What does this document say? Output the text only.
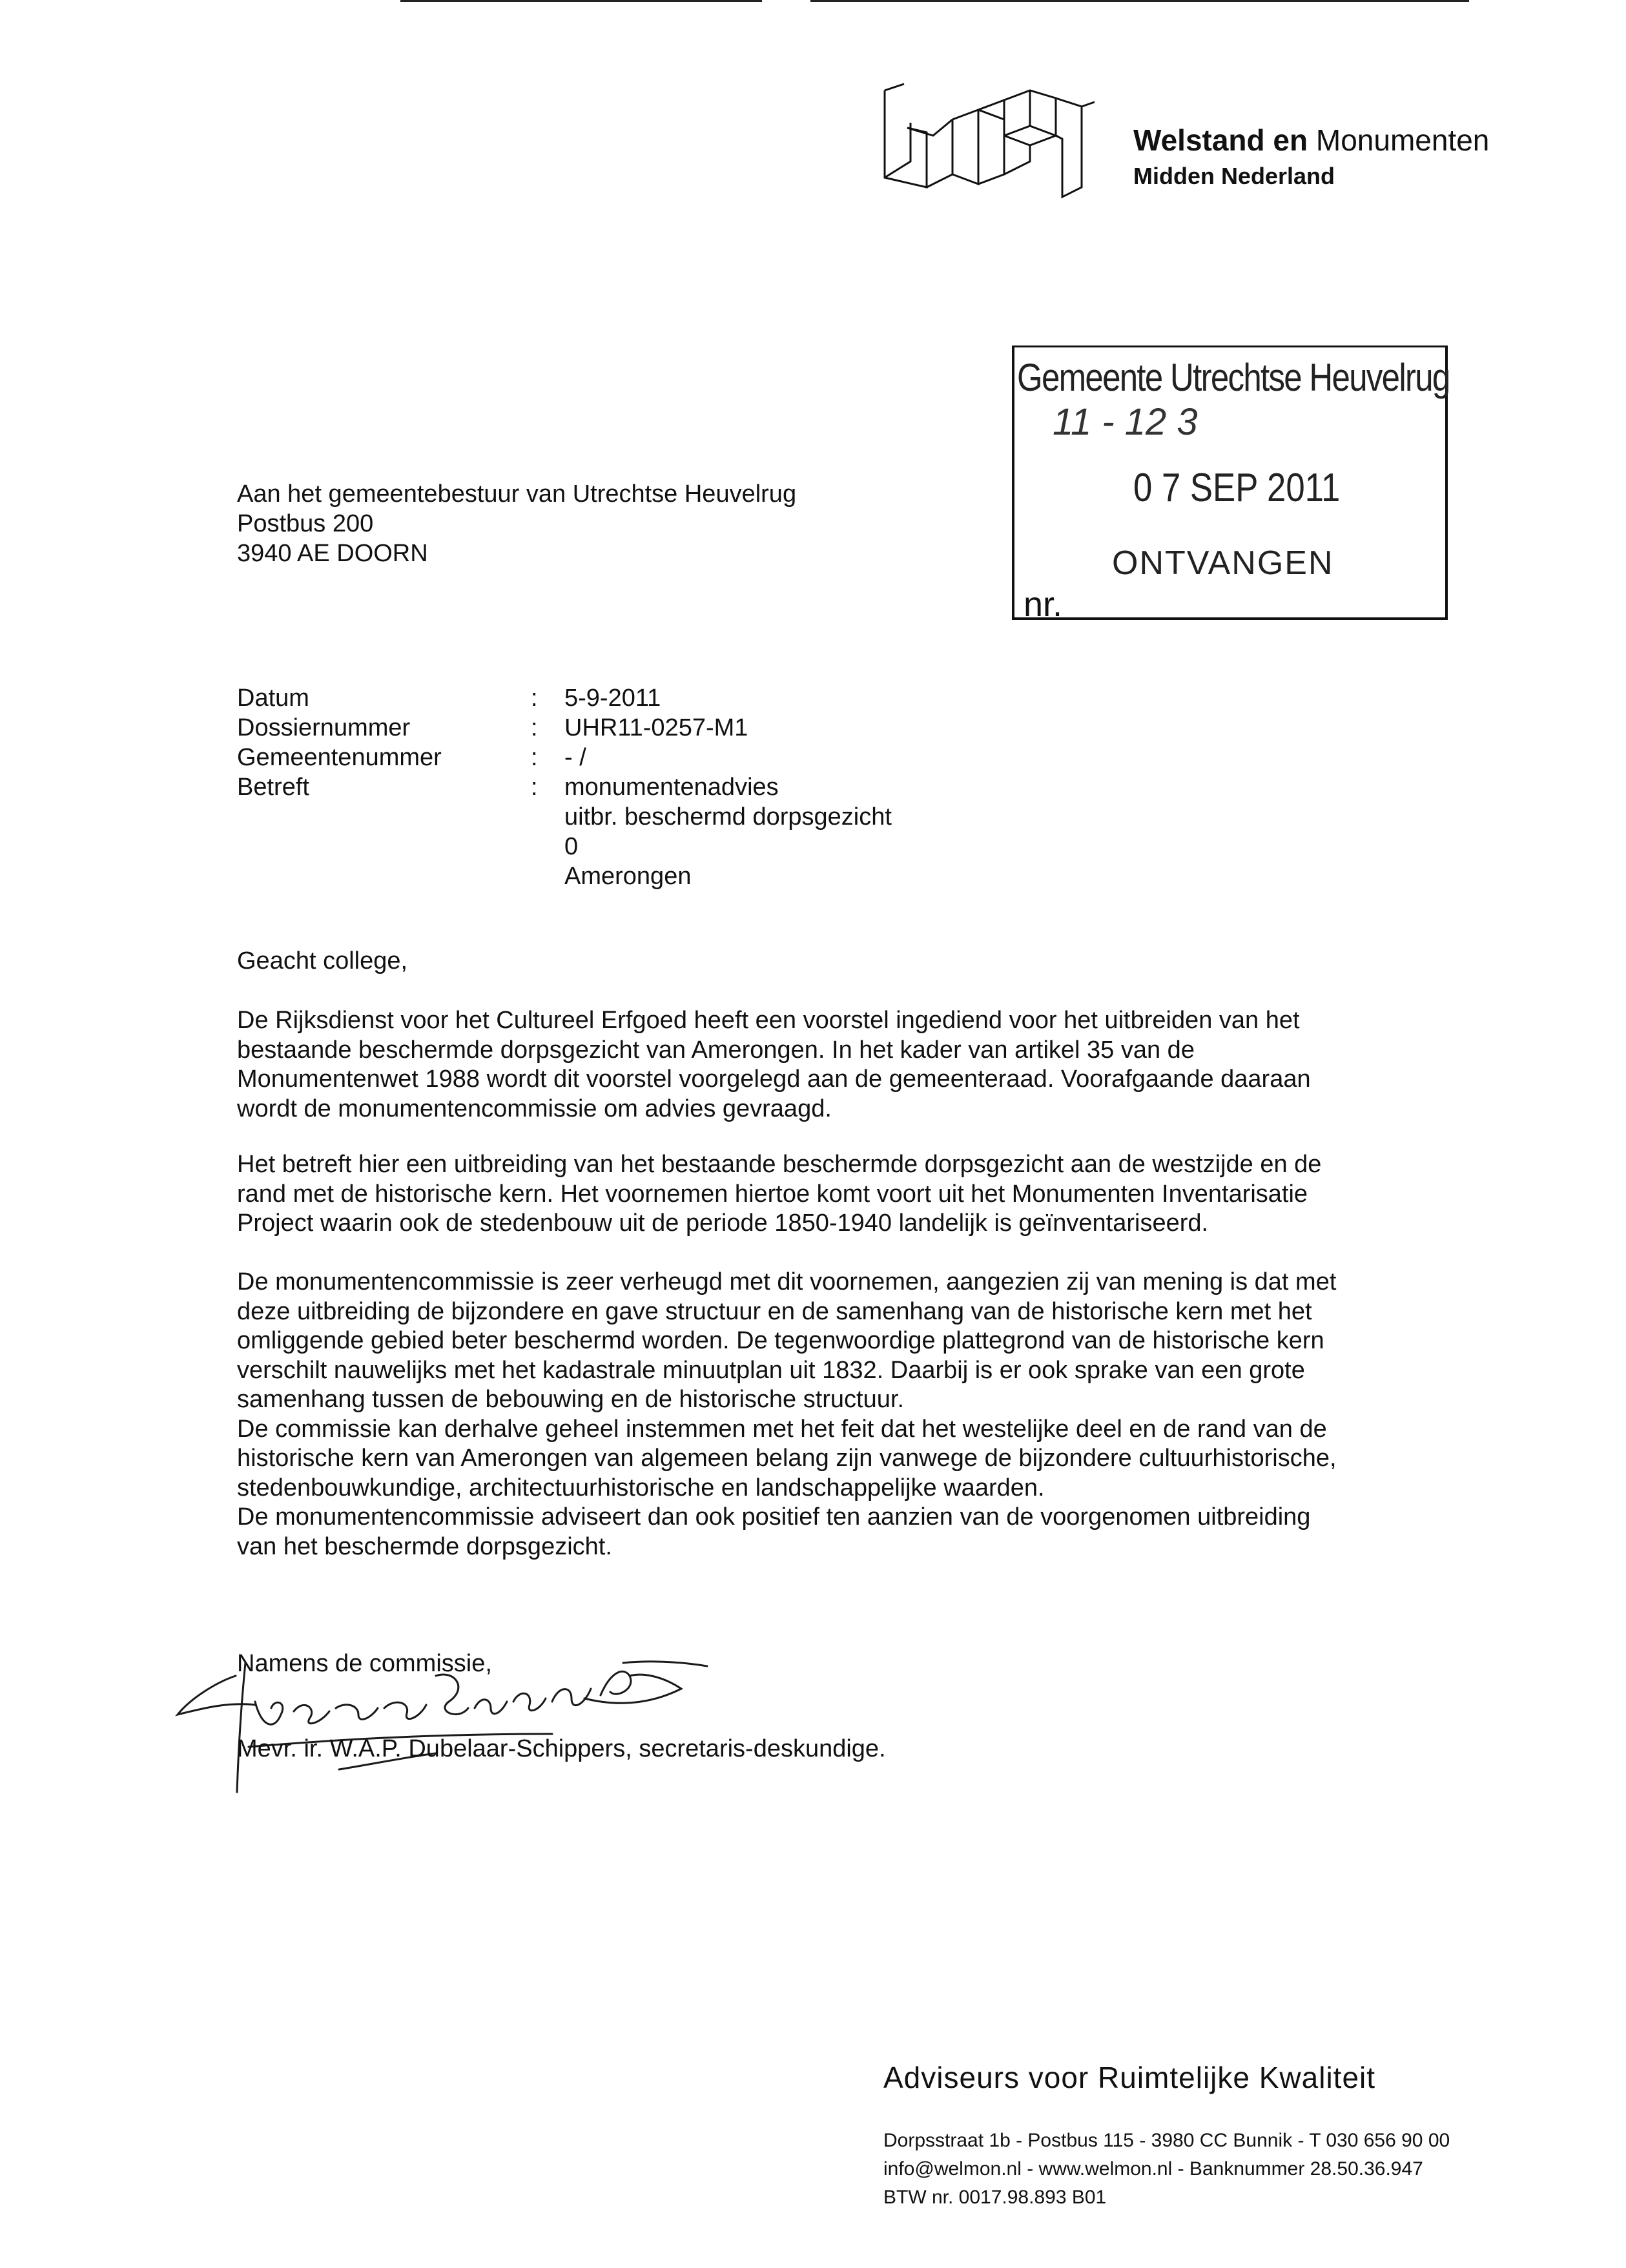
Welstand en Monumenten
Midden Nederland
Gemeente Utrechtse Heuvelrug
11 - 12 3
0 7 SEP 2011
ONTVANGEN
nr.
Aan het gemeentebestuur van Utrechtse Heuvelrug
Postbus 200
3940 AE DOORN
Datum	: 5-9-2011
Dossiernummer	: UHR11-0257-M1
Gemeentenummer	: - /
Betreft	: monumentenadvies
uitbr. beschermd dorpsgezicht
0
Amerongen
Geacht college,
De Rijksdienst voor het Cultureel Erfgoed heeft een voorstel ingediend voor het uitbreiden van het
bestaande beschermde dorpsgezicht van Amerongen. In het kader van artikel 35 van de
Monumentenwet 1988 wordt dit voorstel voorgelegd aan de gemeenteraad. Voorafgaande daaraan
wordt de monumentencommissie om advies gevraagd.
Het betreft hier een uitbreiding van het bestaande beschermde dorpsgezicht aan de westzijde en de
rand met de historische kern. Het voornemen hiertoe komt voort uit het Monumenten Inventarisatie
Project waarin ook de stedenbouw uit de periode 1850-1940 landelijk is geïnventariseerd.
De monumentencommissie is zeer verheugd met dit voornemen, aangezien zij van mening is dat met
deze uitbreiding de bijzondere en gave structuur en de samenhang van de historische kern met het
omliggende gebied beter beschermd worden. De tegenwoordige plattegrond van de historische kern
verschilt nauwelijks met het kadastrale minuutplan uit 1832. Daarbij is er ook sprake van een grote
samenhang tussen de bebouwing en de historische structuur.
De commissie kan derhalve geheel instemmen met het feit dat het westelijke deel en de rand van de
historische kern van Amerongen van algemeen belang zijn vanwege de bijzondere cultuurhistorische,
stedenbouwkundige, architectuurhistorische en landschappelijke waarden.
De monumentencommissie adviseert dan ook positief ten aanzien van de voorgenomen uitbreiding
van het beschermde dorpsgezicht.
Namens de commissie,
Mevr. ir. W.A.P. Dubelaar-Schippers, secretaris-deskundige.
Adviseurs voor Ruimtelijke Kwaliteit
Dorpsstraat 1b - Postbus 115 - 3980 CC Bunnik - T 030 656 90 00
info@welmon.nl - www.welmon.nl - Banknummer 28.50.36.947
BTW nr. 0017.98.893 B01
